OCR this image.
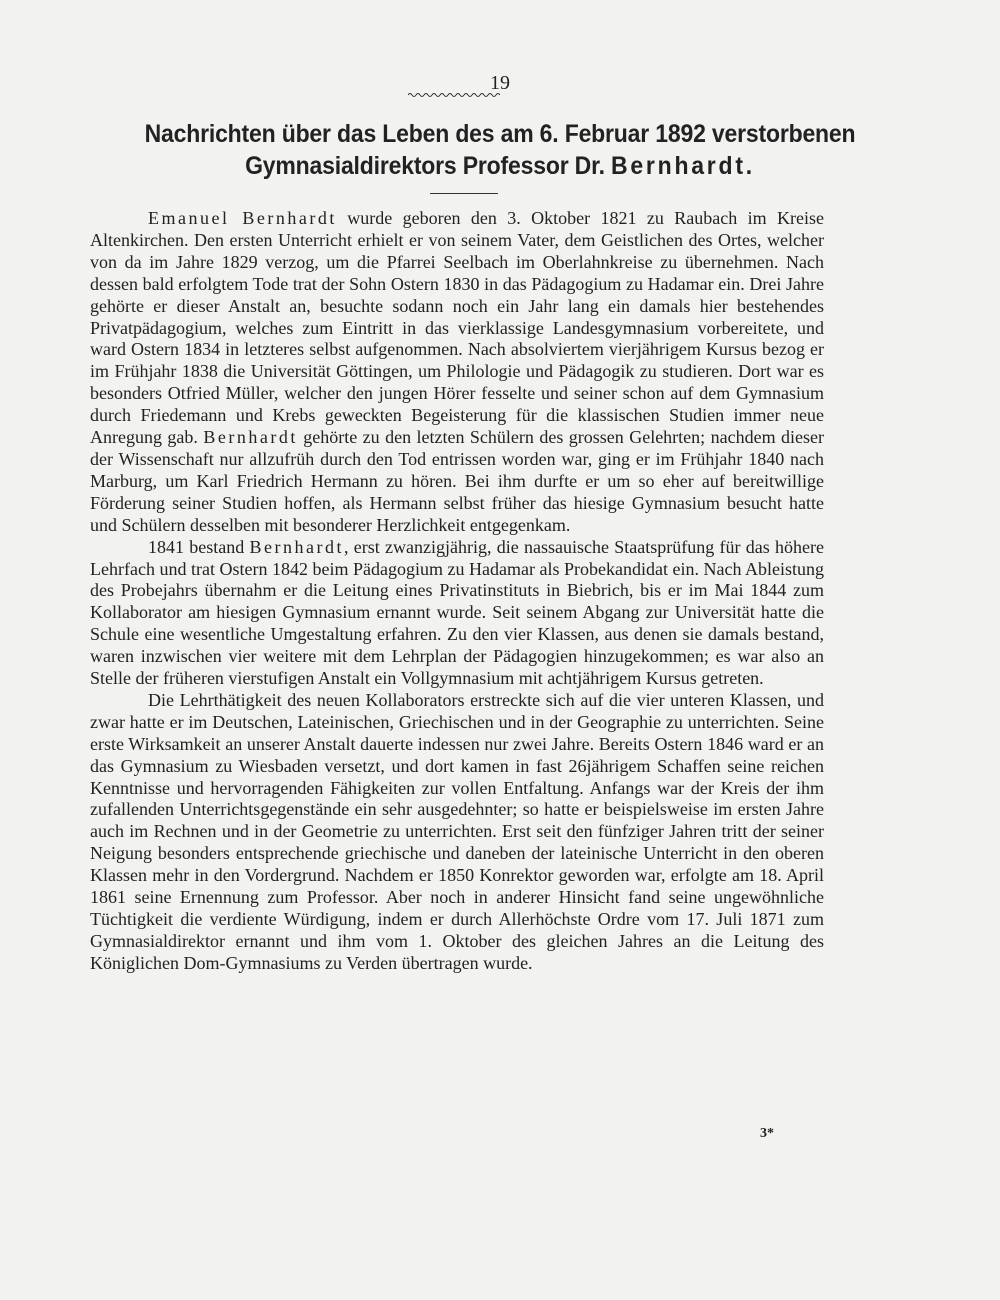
19
Nachrichten über das Leben des am 6. Februar 1892 verstorbenen
Gymnasialdirektors Professor Dr. Bernhardt.

Emanuel Bernhardt wurde geboren den 3. Oktober 1821 zu Raubach im Kreise Altenkirchen. Den ersten Unterricht erhielt er von seinem Vater, dem Geistlichen des Ortes, welcher von da im Jahre 1829 verzog, um die Pfarrei Seelbach im Oberlahnkreise zu übernehmen. Nach dessen bald erfolgtem Tode trat der Sohn Ostern 1830 in das Pädagogium zu Hadamar ein. Drei Jahre gehörte er dieser Anstalt an, besuchte sodann noch ein Jahr lang ein damals hier bestehendes Privatpädagogium, welches zum Eintritt in das vierklassige Landesgymnasium vorbereitete, und ward Ostern 1834 in letzteres selbst aufgenommen. Nach absolviertem vierjährigem Kursus bezog er im Frühjahr 1838 die Universität Göttingen, um Philologie und Pädagogik zu studieren. Dort war es besonders Otfried Müller, welcher den jungen Hörer fesselte und seiner schon auf dem Gymnasium durch Friedemann und Krebs geweckten Begeisterung für die klassischen Studien immer neue Anregung gab. Bernhardt gehörte zu den letzten Schülern des grossen Gelehrten; nachdem dieser der Wissenschaft nur allzufrüh durch den Tod entrissen worden war, ging er im Frühjahr 1840 nach Marburg, um Karl Friedrich Hermann zu hören. Bei ihm durfte er um so eher auf bereitwillige Förderung seiner Studien hoffen, als Hermann selbst früher das hiesige Gymnasium besucht hatte und Schülern desselben mit besonderer Herzlichkeit entgegenkam.

1841 bestand Bernhardt, erst zwanzigjährig, die nassauische Staatsprüfung für das höhere Lehrfach und trat Ostern 1842 beim Pädagogium zu Hadamar als Probekandidat ein. Nach Ableistung des Probejahrs übernahm er die Leitung eines Privatinstituts in Biebrich, bis er im Mai 1844 zum Kollaborator am hiesigen Gymnasium ernannt wurde. Seit seinem Abgang zur Universität hatte die Schule eine wesentliche Umgestaltung erfahren. Zu den vier Klassen, aus denen sie damals bestand, waren inzwischen vier weitere mit dem Lehrplan der Pädagogien hinzugekommen; es war also an Stelle der früheren vierstufigen Anstalt ein Vollgymnasium mit achtjährigem Kursus getreten.

Die Lehrthätigkeit des neuen Kollaborators erstreckte sich auf die vier unteren Klassen, und zwar hatte er im Deutschen, Lateinischen, Griechischen und in der Geographie zu unterrichten. Seine erste Wirksamkeit an unserer Anstalt dauerte indessen nur zwei Jahre. Bereits Ostern 1846 ward er an das Gymnasium zu Wiesbaden versetzt, und dort kamen in fast 26jährigem Schaffen seine reichen Kenntnisse und hervorragenden Fähigkeiten zur vollen Entfaltung. Anfangs war der Kreis der ihm zufallenden Unterrichtsgegenstände ein sehr ausgedehnter; so hatte er beispielsweise im ersten Jahre auch im Rechnen und in der Geometrie zu unterrichten. Erst seit den fünfziger Jahren tritt der seiner Neigung besonders entsprechende griechische und daneben der lateinische Unterricht in den oberen Klassen mehr in den Vordergrund. Nachdem er 1850 Konrektor geworden war, erfolgte am 18. April 1861 seine Ernennung zum Professor. Aber noch in anderer Hinsicht fand seine ungewöhnliche Tüchtigkeit die verdiente Würdigung, indem er durch Allerhöchste Ordre vom 17. Juli 1871 zum Gymnasialdirektor ernannt und ihm vom 1. Oktober des gleichen Jahres an die Leitung des Königlichen Dom-Gymnasiums zu Verden übertragen wurde.

3*
